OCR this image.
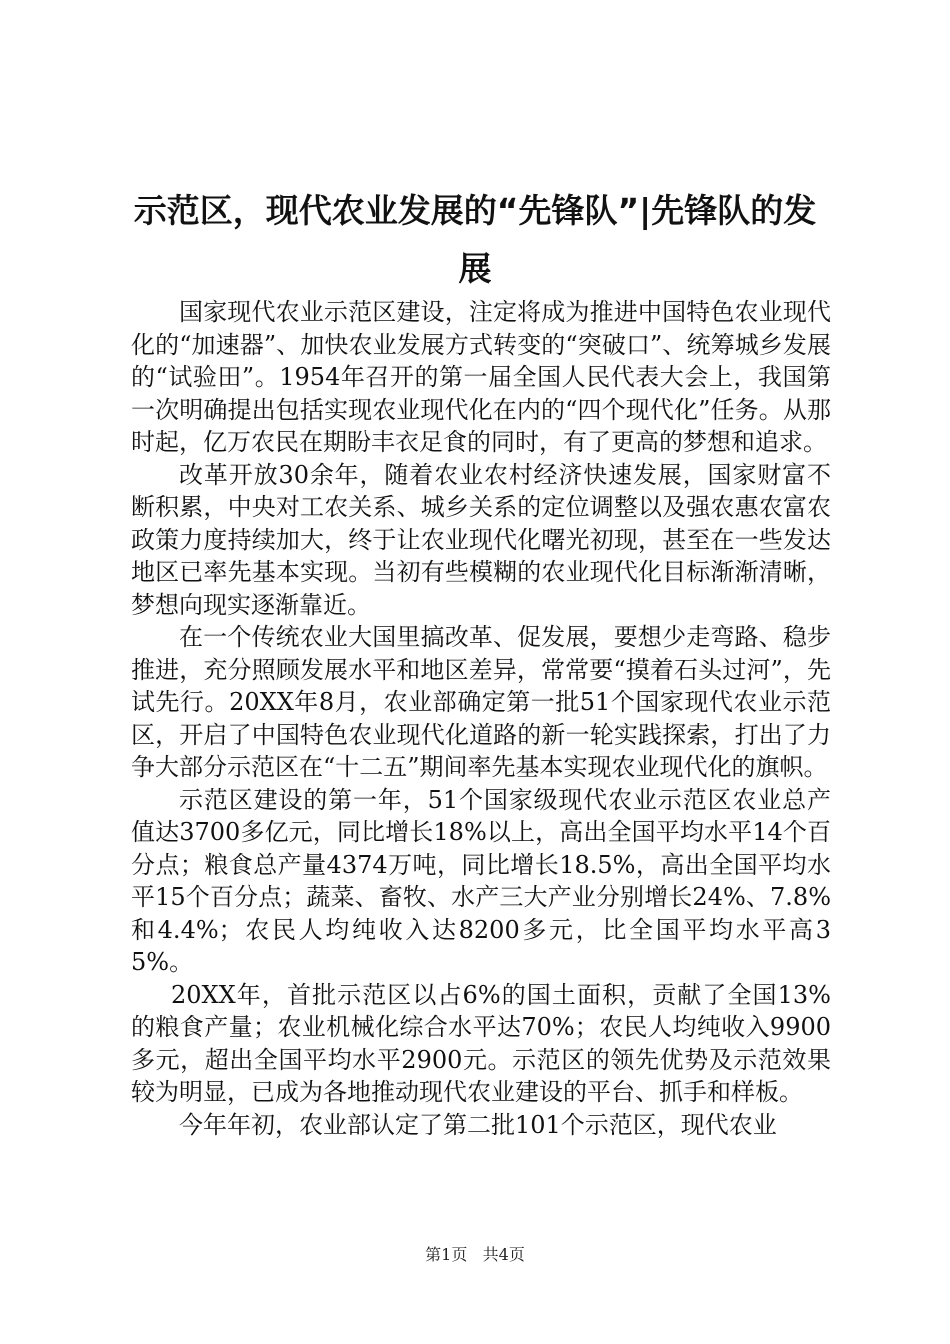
示范区，现代农业发展的“先锋队”|先锋队的发展

国家现代农业示范区建设，注定将成为推进中国特色农业现代化的“加速器”、加快农业发展方式转变的“突破口”、统筹城乡发展的“试验田”。1954年召开的第一届全国人民代表大会上，我国第一次明确提出包括实现农业现代化在内的“四个现代化”任务。从那时起，亿万农民在期盼丰衣足食的同时，有了更高的梦想和追求。

改革开放30余年，随着农业农村经济快速发展，国家财富不断积累，中央对工农关系、城乡关系的定位调整以及强农惠农富农政策力度持续加大，终于让农业现代化曙光初现，甚至在一些发达地区已率先基本实现。当初有些模糊的农业现代化目标渐渐清晰，梦想向现实逐渐靠近。

在一个传统农业大国里搞改革、促发展，要想少走弯路、稳步推进，充分照顾发展水平和地区差异，常常要“摸着石头过河”，先试先行。20XX年8月，农业部确定第一批51个国家现代农业示范区，开启了中国特色农业现代化道路的新一轮实践探索，打出了力争大部分示范区在“十二五”期间率先基本实现农业现代化的旗帜。

示范区建设的第一年，51个国家级现代农业示范区农业总产值达3700多亿元，同比增长18%以上，高出全国平均水平14个百分点；粮食总产量4374万吨，同比增长18.5%，高出全国平均水平15个百分点；蔬菜、畜牧、水产三大产业分别增长24%、7.8%和4.4%；农民人均纯收入达8200多元，比全国平均水平高35%。

20XX年，首批示范区以占6%的国土面积，贡献了全国13%的粮食产量；农业机械化综合水平达70%；农民人均纯收入9900多元，超出全国平均水平2900元。示范区的领先优势及示范效果较为明显，已成为各地推动现代农业建设的平台、抓手和样板。

今年年初，农业部认定了第二批101个示范区，现代农业

第1页 共4页
